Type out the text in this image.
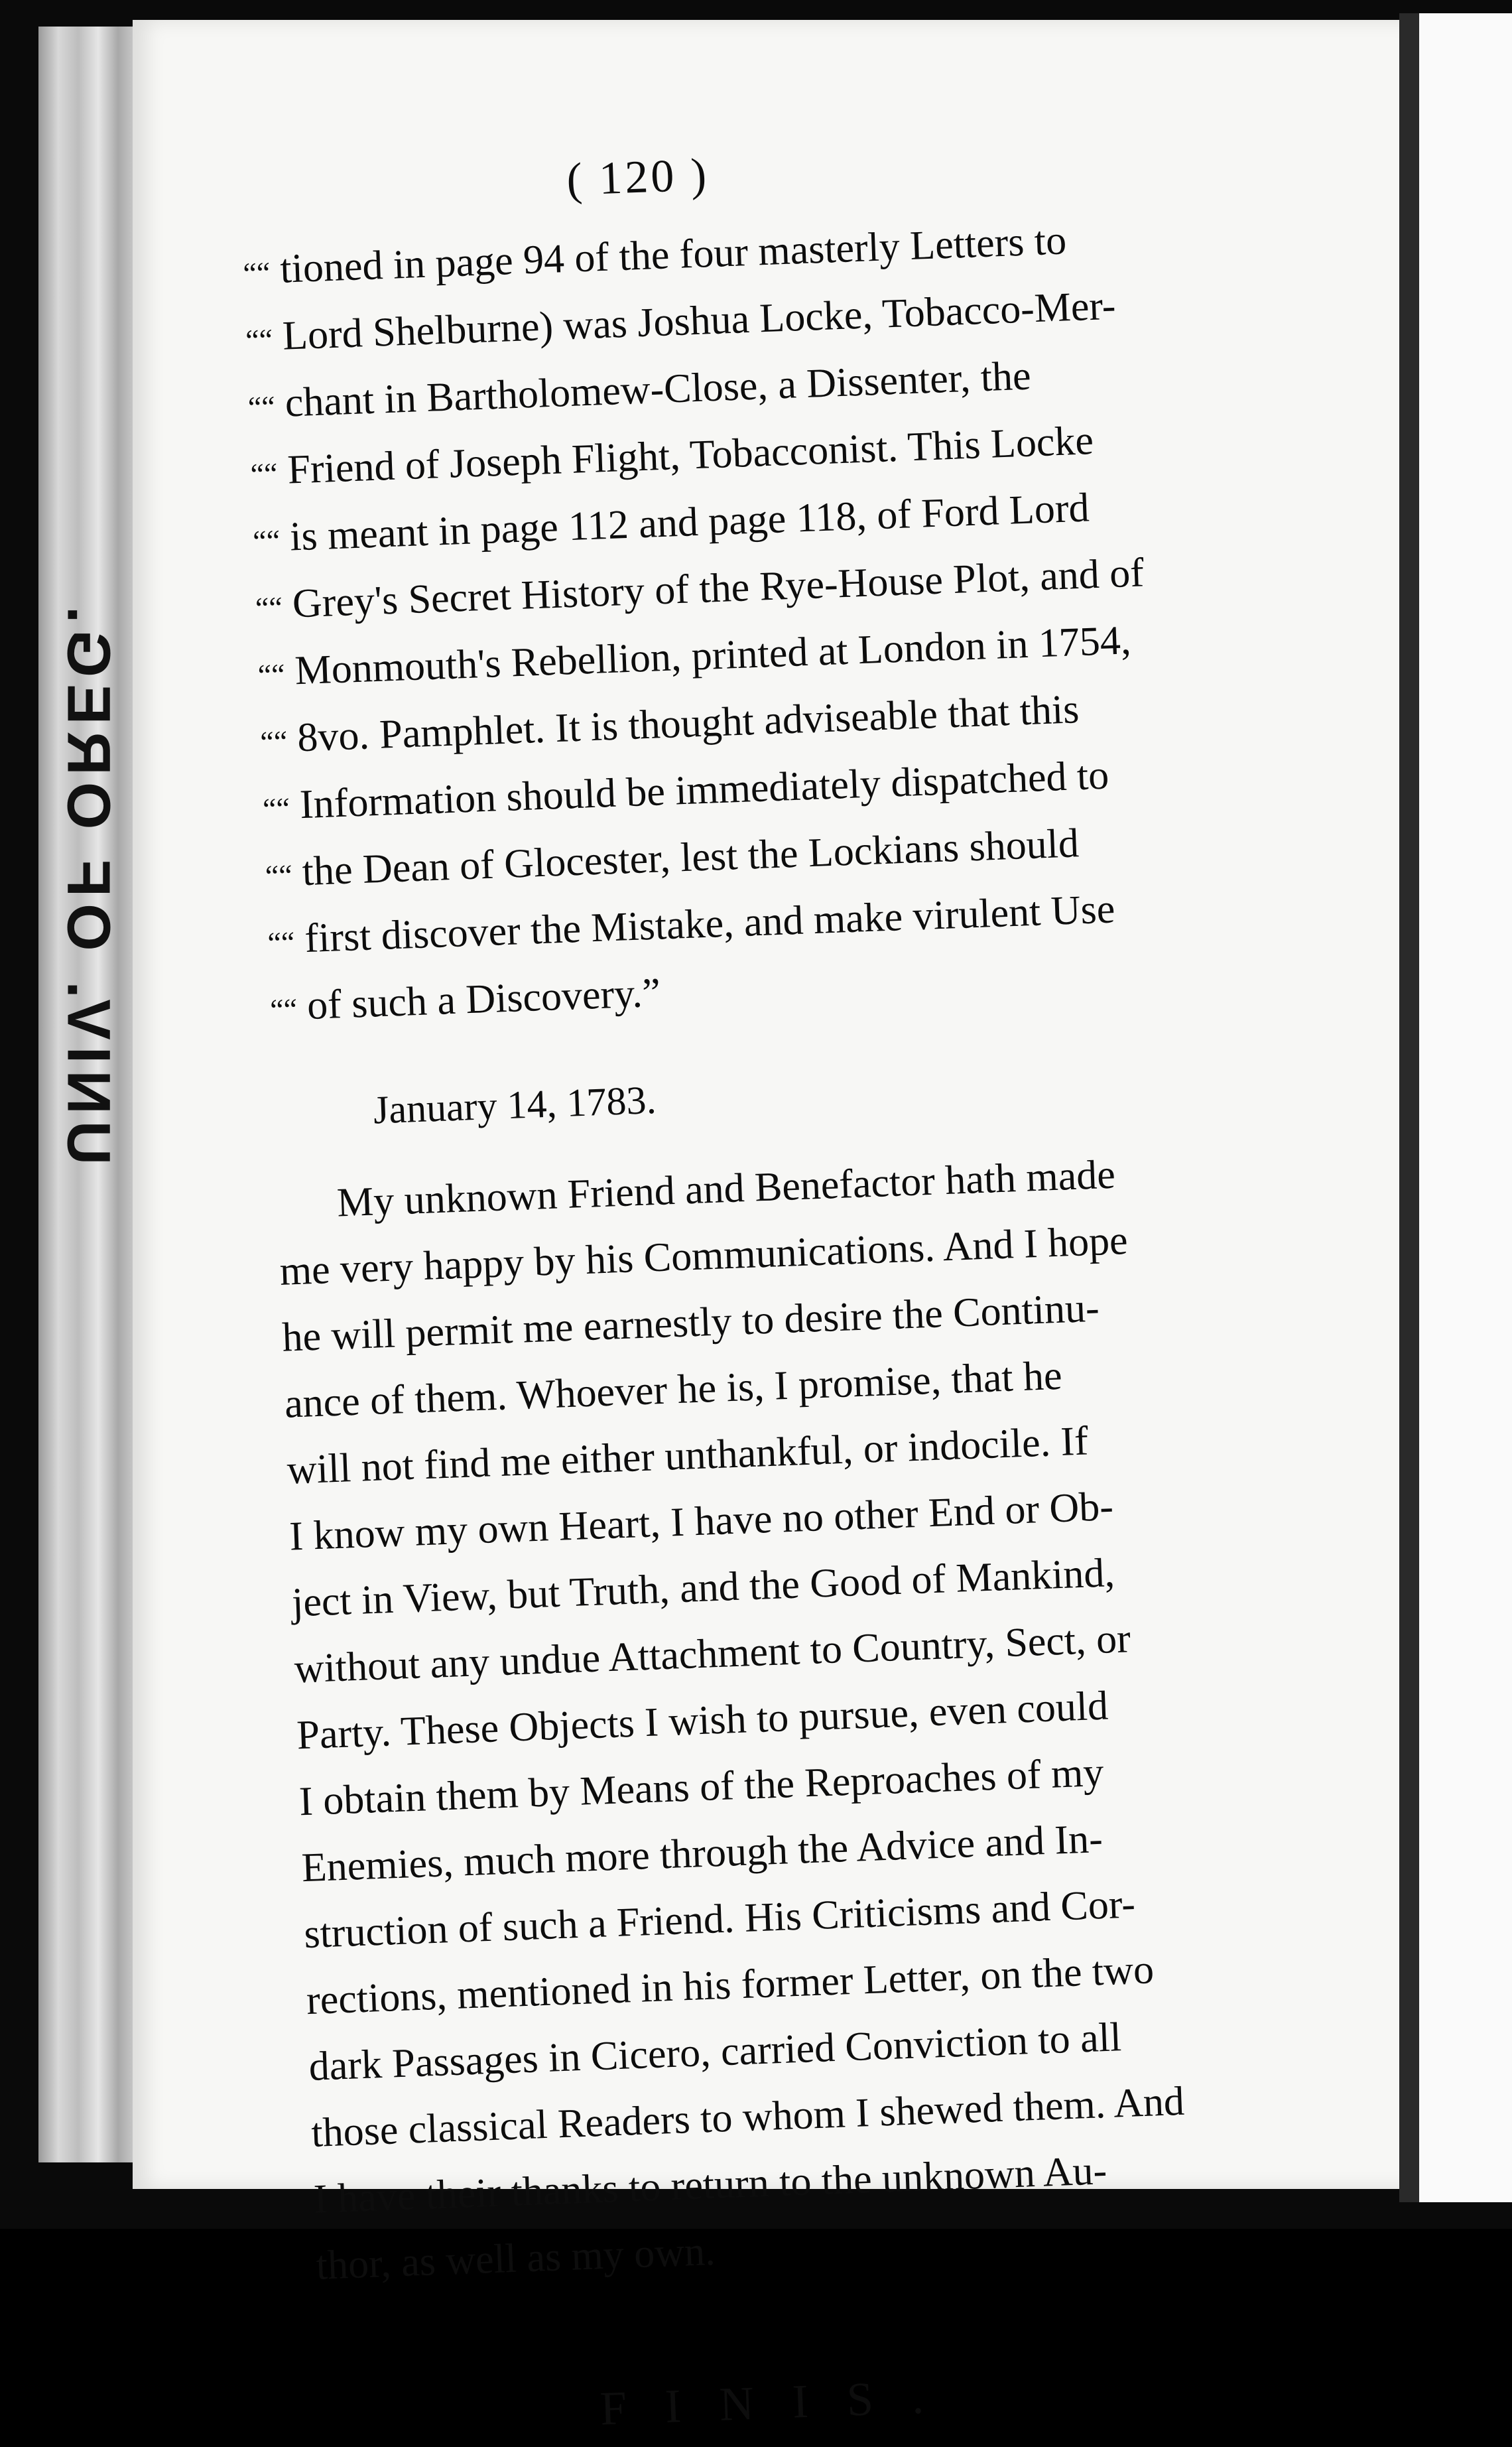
UNIV. OF OREG.
( 120 )
““ tioned in page 94 of the four masterly Letters to
““ Lord Shelburne) was Joshua Locke, Tobacco-Mer-
““ chant in Bartholomew-Close, a Dissenter, the
““ Friend of Joseph Flight, Tobacconist. This Locke
““ is meant in page 112 and page 118, of Ford Lord
““ Grey's Secret History of the Rye-House Plot, and of
““ Monmouth's Rebellion, printed at London in 1754,
““ 8vo. Pamphlet. It is thought adviseable that this
““ Information should be immediately dispatched to
““ the Dean of Glocester, lest the Lockians should
““ first discover the Mistake, and make virulent Use
““ of such a Discovery.”
January 14, 1783.
My unknown Friend and Benefactor hath made
me very happy by his Communications. And I hope
he will permit me earnestly to desire the Continu-
ance of them. Whoever he is, I promise, that he
will not find me either unthankful, or indocile. If
I know my own Heart, I have no other End or Ob-
ject in View, but Truth, and the Good of Mankind,
without any undue Attachment to Country, Sect, or
Party. These Objects I wish to pursue, even could
I obtain them by Means of the Reproaches of my
Enemies, much more through the Advice and In-
struction of such a Friend. His Criticisms and Cor-
rections, mentioned in his former Letter, on the two
dark Passages in Cicero, carried Conviction to all
those classical Readers to whom I shewed them. And
I have their thanks to return to the unknown Au-
thor, as well as my own.
FINIS.
